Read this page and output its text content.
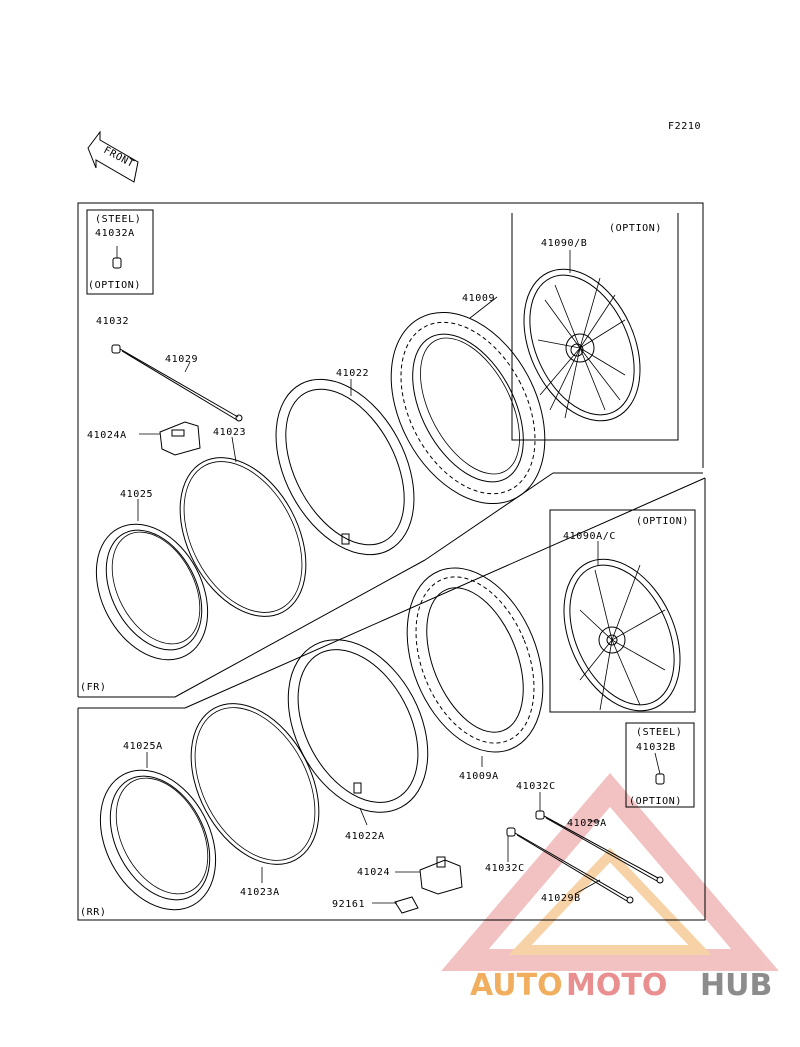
F2210
FRONT
(STEEL)
41032A
(OPTION)
(STEEL)
41032B
(OPTION)
41032
41029
41024A	41023
41022
41009
41090/B
(OPTION)
41025
(OPTION)
41090A/C
41009A
41032C
41029A
41025A
41022A
41024	41032C
41023A
41029B
92161
(FR)
(RR)
AUTO MOTO HUB
